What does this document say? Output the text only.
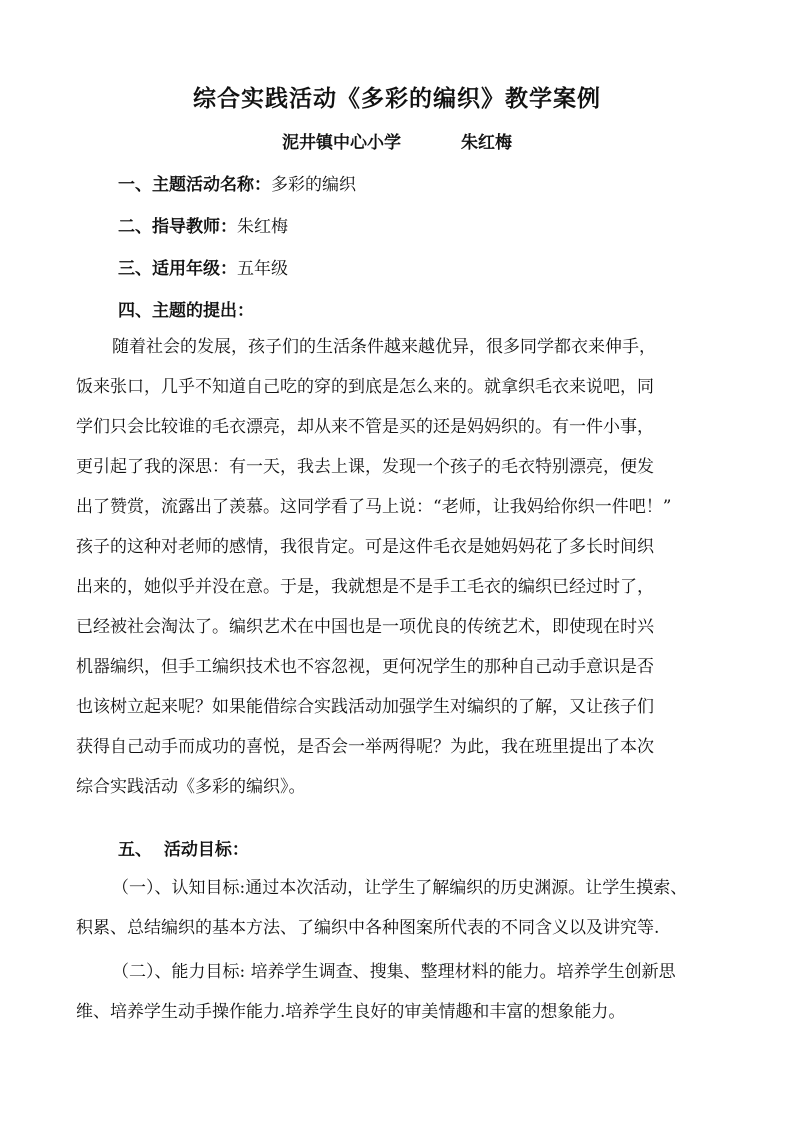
综合实践活动《多彩的编织》教学案例
泥井镇中心小学	朱红梅
一、主题活动名称：多彩的编织
二、指导教师：朱红梅
三、适用年级：五年级
四、主题的提出：
随着社会的发展，孩子们的生活条件越来越优异，很多同学都衣来伸手，
饭来张口，几乎不知道自己吃的穿的到底是怎么来的。就拿织毛衣来说吧，同
学们只会比较谁的毛衣漂亮，却从来不管是买的还是妈妈织的。有一件小事，
更引起了我的深思：有一天，我去上课，发现一个孩子的毛衣特别漂亮，便发
出了赞赏，流露出了羡慕。这同学看了马上说：“老师，让我妈给你织一件吧！”
孩子的这种对老师的感情，我很肯定。可是这件毛衣是她妈妈花了多长时间织
出来的，她似乎并没在意。于是，我就想是不是手工毛衣的编织已经过时了，
已经被社会淘汰了。编织艺术在中国也是一项优良的传统艺术，即使现在时兴
机器编织，但手工编织技术也不容忽视，更何况学生的那种自己动手意识是否
也该树立起来呢？如果能借综合实践活动加强学生对编织的了解，又让孩子们
获得自己动手而成功的喜悦，是否会一举两得呢？为此，我在班里提出了本次
综合实践活动《多彩的编织》。
五、  活动目标：
（一）、认知目标:通过本次活动，让学生了解编织的历史渊源。让学生摸索、
积累、总结编织的基本方法、了编织中各种图案所代表的不同含义以及讲究等.
（二）、能力目标: 培养学生调查、搜集、整理材料的能力。培养学生创新思
维、培养学生动手操作能力.培养学生良好的审美情趣和丰富的想象能力。
